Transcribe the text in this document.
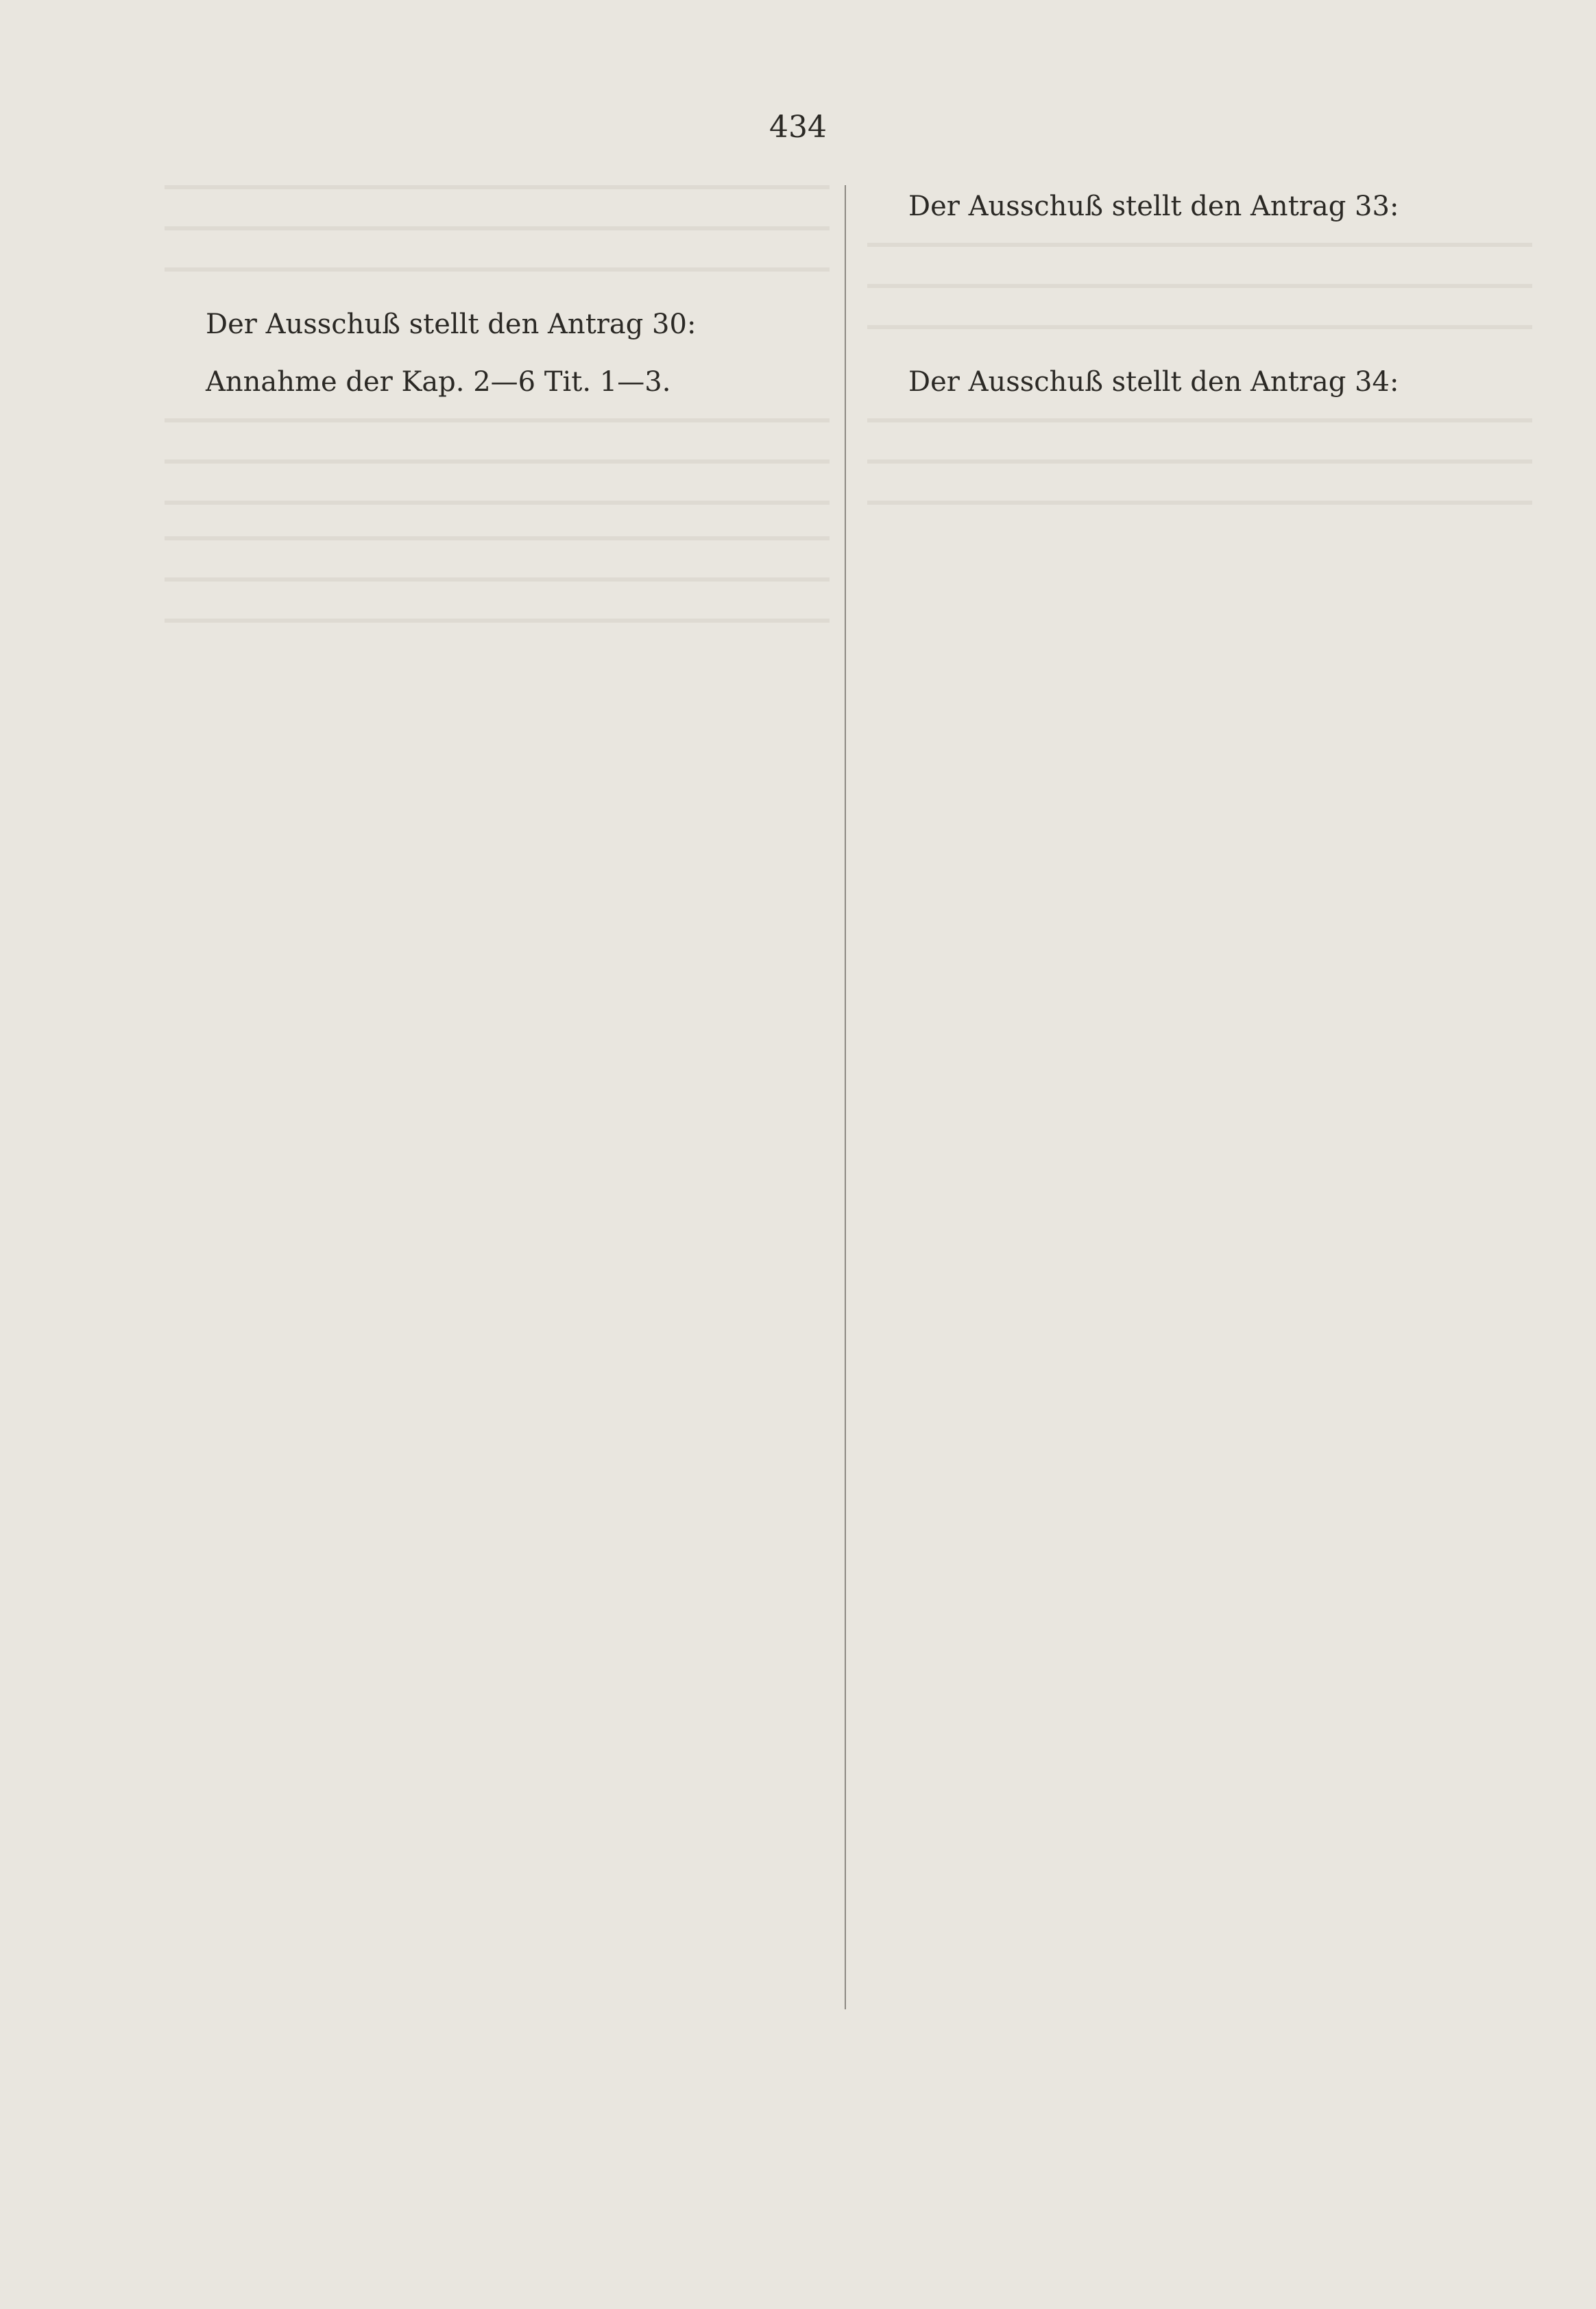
434

Der Ausschuß stellt den Antrag 30:

Annahme der Kap. 2—6 Tit. 1—3.

Der Ausschuß stellt den Antrag 33:

Der Ausschuß stellt den Antrag 34:
